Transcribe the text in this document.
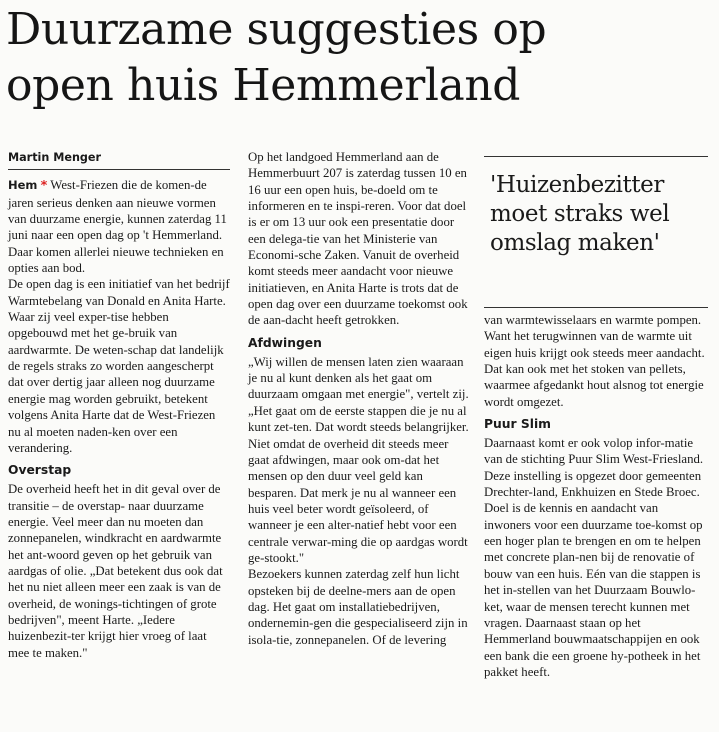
Duurzame suggesties op
open huis Hemmerland
Martin Menger

Hem * West-Friezen die de komen-de jaren serieus denken aan nieuwe vormen van duurzame energie, kunnen zaterdag 11 juni naar een open dag op 't Hemmerland. Daar komen allerlei nieuwe technieken en opties aan bod.

De open dag is een initiatief van het bedrijf Warmtebelang van Donald en Anita Harte. Waar zij veel exper-tise hebben opgebouwd met het ge-bruik van aardwarmte. De weten-schap dat landelijk de regels straks zo worden aangescherpt dat over dertig jaar alleen nog duurzame energie mag worden gebruikt, betekent volgens Anita Harte dat de West-Friezen nu al moeten naden-ken over een verandering.

Overstap

De overheid heeft het in dit geval over de transitie – de overstap- naar duurzame energie. Veel meer dan nu moeten dan zonnepanelen, windkracht en aardwarmte het ant-woord geven op het gebruik van aardgas of olie. „Dat betekent dus ook dat het nu niet alleen meer een zaak is van de overheid, de wonings-tichtingen of grote bedrijven", meent Harte. „Iedere huizenbezit-ter krijgt hier vroeg of laat mee te maken."

Op het landgoed Hemmerland aan de Hemmerbuurt 207 is zaterdag tussen 10 en 16 uur een open huis, be-doeld om te informeren en te inspi-reren. Voor dat doel is er om 13 uur ook een presentatie door een delega-tie van het Ministerie van Economi-sche Zaken. Vanuit de overheid komt steeds meer aandacht voor nieuwe initiatieven, en Anita Harte is trots dat de open dag over een duurzame toekomst ook de aan-dacht heeft getrokken.

Afdwingen

„Wij willen de mensen laten zien waaraan je nu al kunt denken als het gaat om duurzaam omgaan met energie", vertelt zij. „Het gaat om de eerste stappen die je nu al kunt zet-ten. Dat wordt steeds belangrijker. Niet omdat de overheid dit steeds meer gaat afdwingen, maar ook om-dat het mensen op den duur veel geld kan besparen. Dat merk je nu al wanneer een huis veel beter wordt geïsoleerd, of wanneer je een alter-natief hebt voor een centrale verwar-ming die op aardgas wordt ge-stookt."

Bezoekers kunnen zaterdag zelf hun licht opsteken bij de deelne-mers aan de open dag. Het gaat om installatiebedrijven, ondernemin-gen die gespecialiseerd zijn in isola-tie, zonnepanelen. Of de levering

'Huizenbezitter
moet straks wel
omslag maken'

van warmtewisselaars en warmte pompen. Want het terugwinnen van de warmte uit eigen huis krijgt ook steeds meer aandacht. Dat kan ook met het stoken van pellets, waarmee afgedankt hout alsnog tot energie wordt omgezet.

Puur Slim

Daarnaast komt er ook volop infor-matie van de stichting Puur Slim West-Friesland. Deze instelling is opgezet door gemeenten Drechter-land, Enkhuizen en Stede Broec. Doel is de kennis en aandacht van inwoners voor een duurzame toe-komst op een hoger plan te brengen en om te helpen met concrete plan-nen bij de renovatie of bouw van een huis. Eén van die stappen is het in-stellen van het Duurzaam Bouwlo-ket, waar de mensen terecht kunnen met vragen. Daarnaast staan op het Hemmerland bouwmaatschappijen en ook een bank die een groene hy-potheek in het pakket heeft.
